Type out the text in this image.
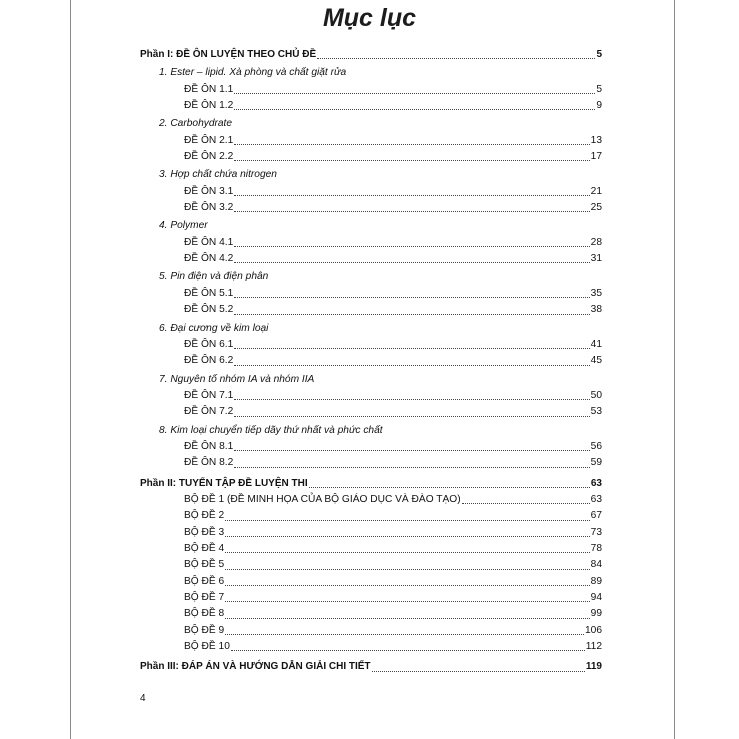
Mục lục
Phần I: ĐỀ ÔN LUYỆN THEO CHỦ ĐỀ	5
1. Ester – lipid. Xà phòng và chất giặt rửa
ĐỀ ÔN 1.1	5
ĐỀ ÔN 1.2	9
2. Carbohydrate
ĐỀ ÔN 2.1	13
ĐỀ ÔN 2.2	17
3. Hợp chất chứa nitrogen
ĐỀ ÔN 3.1	21
ĐỀ ÔN 3.2	25
4. Polymer
ĐỀ ÔN 4.1	28
ĐỀ ÔN 4.2	31
5. Pin điện và điện phân
ĐỀ ÔN 5.1	35
ĐỀ ÔN 5.2	38
6. Đại cương về kim loại
ĐỀ ÔN 6.1	41
ĐỀ ÔN 6.2	45
7. Nguyên tố nhóm IA và nhóm IIA
ĐỀ ÔN 7.1	50
ĐỀ ÔN 7.2	53
8. Kim loại chuyển tiếp dãy thứ nhất và phức chất
ĐỀ ÔN 8.1	56
ĐỀ ÔN 8.2	59
Phần II: TUYỂN TẬP ĐỀ LUYỆN THI	63
BỘ ĐỀ 1 (ĐỀ MINH HỌA CỦA BỘ GIÁO DỤC VÀ ĐÀO TẠO)	63
BỘ ĐỀ 2	67
BỘ ĐỀ 3	73
BỘ ĐỀ 4	78
BỘ ĐỀ 5	84
BỘ ĐỀ 6	89
BỘ ĐỀ 7	94
BỘ ĐỀ 8	99
BỘ ĐỀ 9	106
BỘ ĐỀ 10	112
Phần III: ĐÁP ÁN VÀ HƯỚNG DẪN GIẢI CHI TIẾT	119
4
